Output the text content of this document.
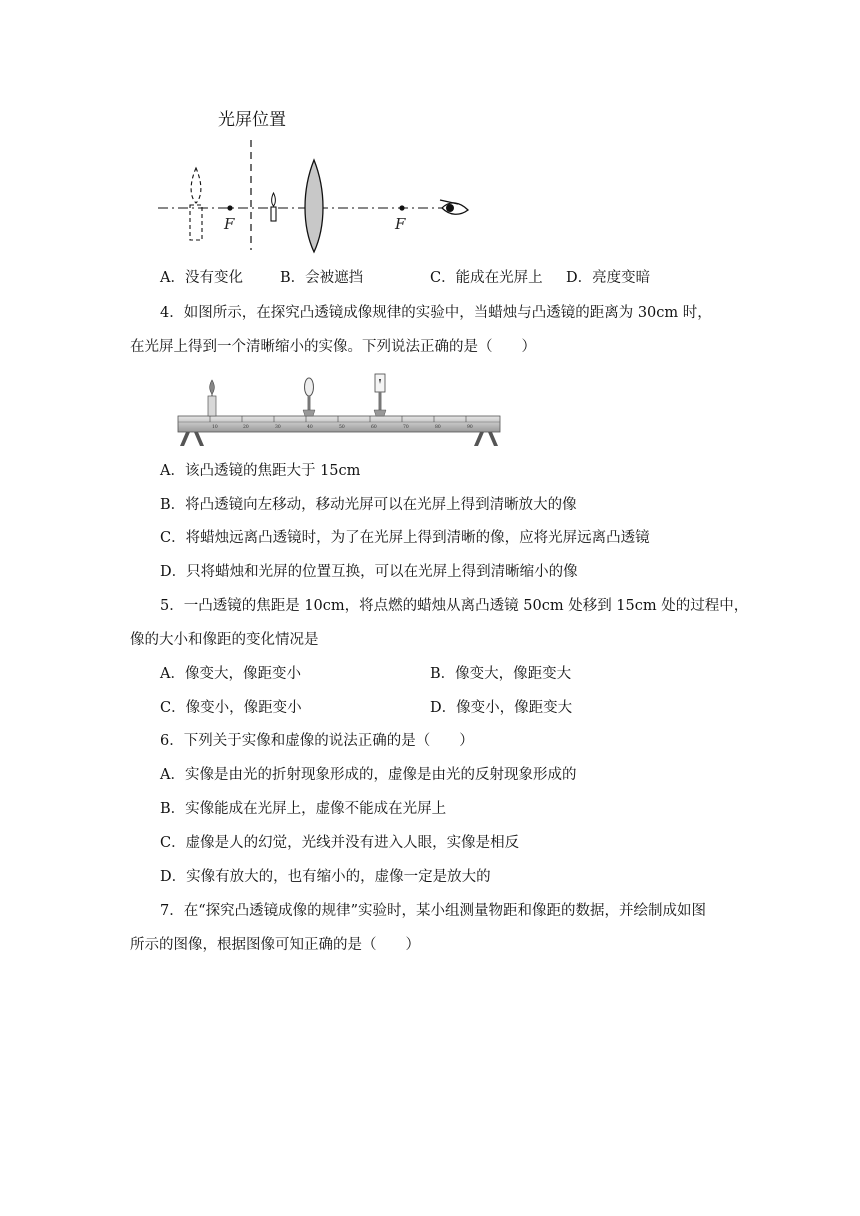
光屏位置
F	F
A．没有变化	B．会被遮挡	C．能成在光屏上 D．亮度变暗
4．如图所示，在探究凸透镜成像规律的实验中，当蜡烛与凸透镜的距离为 30cm 时，
在光屏上得到一个清晰缩小的实像。下列说法正确的是（　　）
10	20	30	40	50	60	70	80	90
A．该凸透镜的焦距大于 15cm
B．将凸透镜向左移动，移动光屏可以在光屏上得到清晰放大的像
C．将蜡烛远离凸透镜时，为了在光屏上得到清晰的像，应将光屏远离凸透镜
D．只将蜡烛和光屏的位置互换，可以在光屏上得到清晰缩小的像
5．一凸透镜的焦距是 10cm，将点燃的蜡烛从离凸透镜 50cm 处移到 15cm 处的过程中，
像的大小和像距的变化情况是
A．像变大，像距变小	B．像变大，像距变大
C．像变小，像距变小	D．像变小，像距变大
6．下列关于实像和虚像的说法正确的是（　　）
A．实像是由光的折射现象形成的，虚像是由光的反射现象形成的
B．实像能成在光屏上，虚像不能成在光屏上
C．虚像是人的幻觉，光线并没有进入人眼，实像是相反
D．实像有放大的，也有缩小的，虚像一定是放大的
7．在“探究凸透镜成像的规律”实验时，某小组测量物距和像距的数据，并绘制成如图
所示的图像，根据图像可知正确的是（　　）
